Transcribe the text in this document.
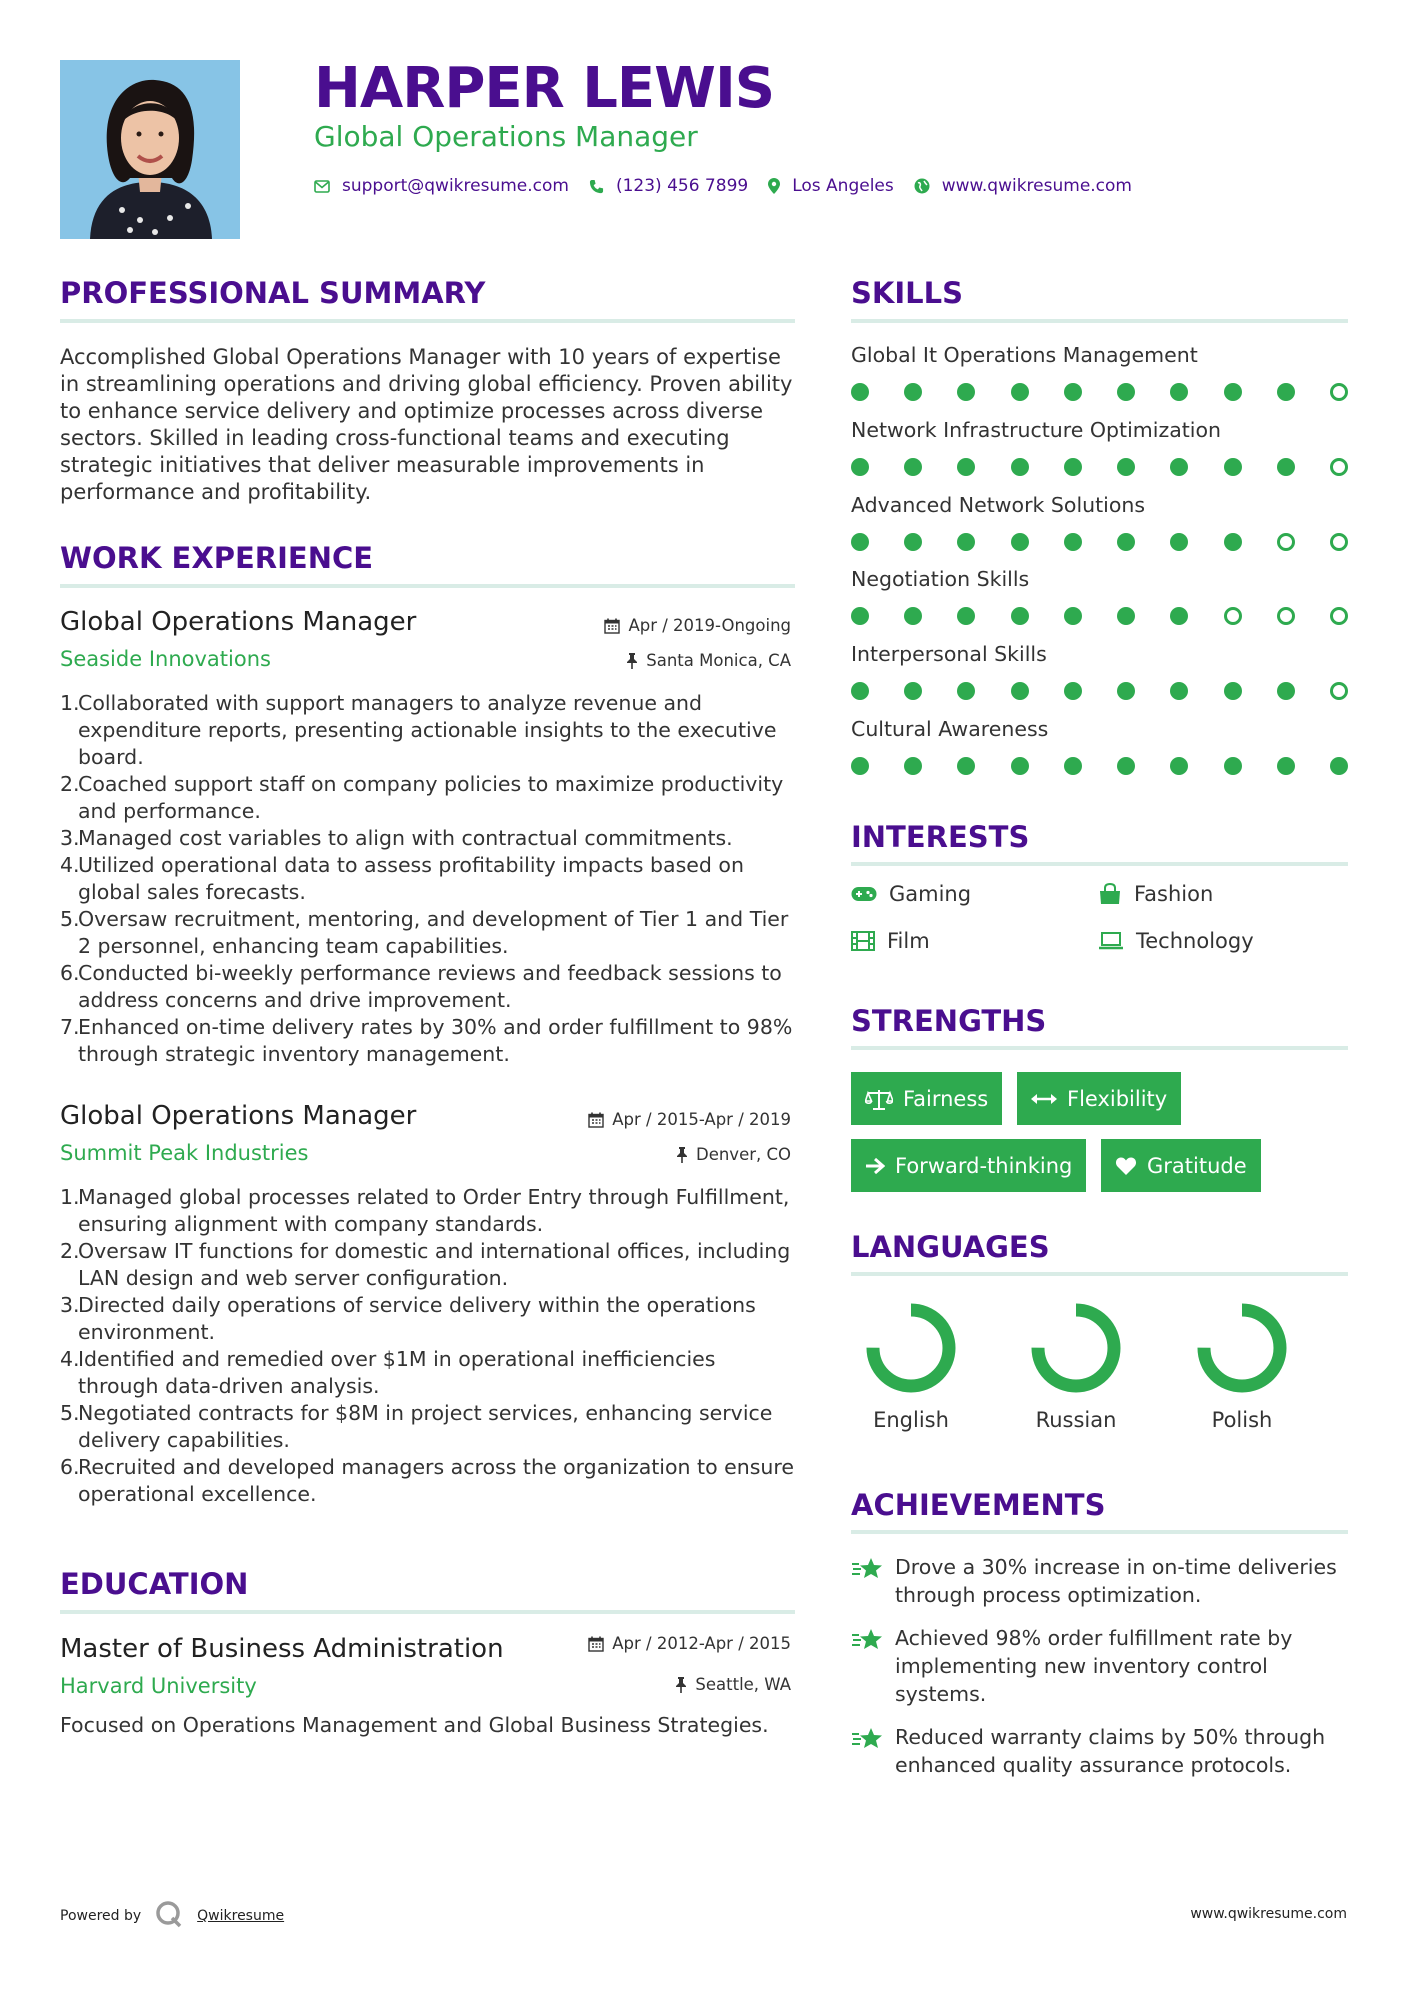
HARPER LEWIS
Global Operations Manager
support@qwikresume.com	(123) 456 7899	Los Angeles	www.qwikresume.com
PROFESSIONAL SUMMARY
Accomplished Global Operations Manager with 10 years of expertise in streamlining operations and driving global efficiency. Proven ability to enhance service delivery and optimize processes across diverse sectors. Skilled in leading cross-functional teams and executing strategic initiatives that deliver measurable improvements in performance and profitability.
WORK EXPERIENCE
Global Operations Manager
Seaside Innovations
Apr / 2019-Ongoing
Santa Monica, CA
1.
Collaborated with support managers to analyze revenue and expenditure reports, presenting actionable insights to the executive board.
2.
Coached support staff on company policies to maximize productivity and performance.
3.
Managed cost variables to align with contractual commitments.
4.
Utilized operational data to assess profitability impacts based on global sales forecasts.
5.
Oversaw recruitment, mentoring, and development of Tier 1 and Tier 2 personnel, enhancing team capabilities.
6.
Conducted bi-weekly performance reviews and feedback sessions to address concerns and drive improvement.
7.
Enhanced on-time delivery rates by 30% and order fulfillment to 98% through strategic inventory management.
Global Operations Manager
Summit Peak Industries
Apr / 2015-Apr / 2019
Denver, CO
1.
Managed global processes related to Order Entry through Fulfillment, ensuring alignment with company standards.
2.
Oversaw IT functions for domestic and international offices, including LAN design and web server configuration.
3.
Directed daily operations of service delivery within the operations environment.
4.
Identified and remedied over $1M in operational inefficiencies through data-driven analysis.
5.
Negotiated contracts for $8M in project services, enhancing service delivery capabilities.
6.
Recruited and developed managers across the organization to ensure operational excellence.
EDUCATION
Master of Business Administration
Harvard University
Apr / 2012-Apr / 2015
Seattle, WA
Focused on Operations Management and Global Business Strategies.
SKILLS
Global It Operations Management
Network Infrastructure Optimization
Advanced Network Solutions
Negotiation Skills
Interpersonal Skills
Cultural Awareness
INTERESTS
Gaming	Fashion
Film	Technology
STRENGTHS
Fairness	Flexibility
Forward-thinking	Gratitude
LANGUAGES
English	Russian	Polish
ACHIEVEMENTS
Drove a 30% increase in on-time deliveries through process optimization.
Achieved 98% order fulfillment rate by implementing new inventory control systems.
Reduced warranty claims by 50% through enhanced quality assurance protocols.
Powered by	Qwikresume	www.qwikresume.com
